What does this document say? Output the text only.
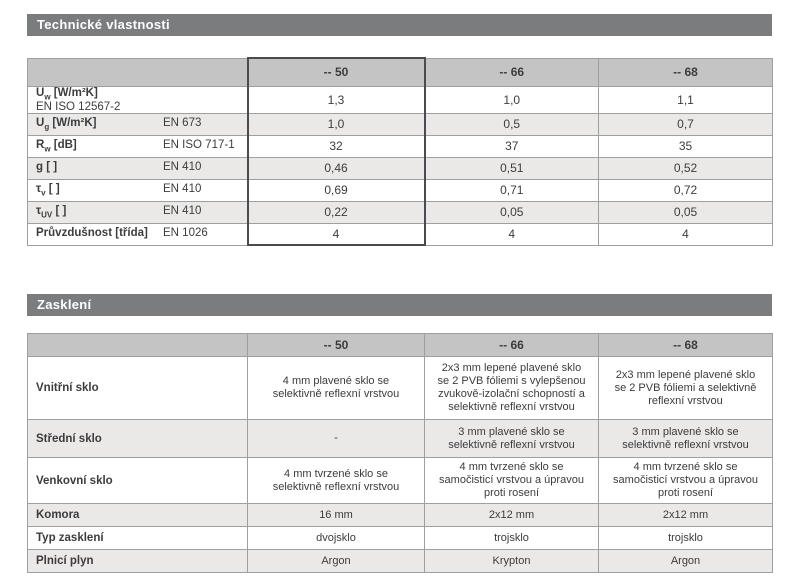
Technické vlastnosti
	-- 50	-- 66	-- 68
$U_w$ [W/m²K]EN ISO 12567-2	1,3	1,0	1,1
$U_g$ [W/m²K] EN 673	1,0	0,5	0,7
$R_w$ [dB] EN ISO 717-1	32	37	35
g [ ] EN 410	0,46	0,51	0,52
$\tau_v$ [ ] EN 410	0,69	0,71	0,72
$\tau_{UV}$ [ ] EN 410	0,22	0,05	0,05
Průvzdušnost [třída] EN 1026	4	4	4
Zasklení
	-- 50	-- 66	-- 68
Vnitřní sklo	4 mm plavené sklo se selektivně reflexní vrstvou	2x3 mm lepené plavené sklo se 2 PVB fóliemi s vylepšenou zvukově-izolační schopností a selektivně reflexní vrstvou	2x3 mm lepené plavené sklo se 2 PVB fóliemi a selektivně reflexní vrstvou
Střední sklo	-	3 mm plavené sklo se selektivně reflexní vrstvou	3 mm plavené sklo se selektivně reflexní vrstvou
Venkovní sklo	4 mm tvrzené sklo se selektivně reflexní vrstvou	4 mm tvrzené sklo se samočisticí vrstvou a úpravou proti rosení	4 mm tvrzené sklo se samočisticí vrstvou a úpravou proti rosení
Komora	16 mm	2x12 mm	2x12 mm
Typ zasklení	dvojsklo	trojsklo	trojsklo
Plnicí plyn	Argon	Krypton	Argon
